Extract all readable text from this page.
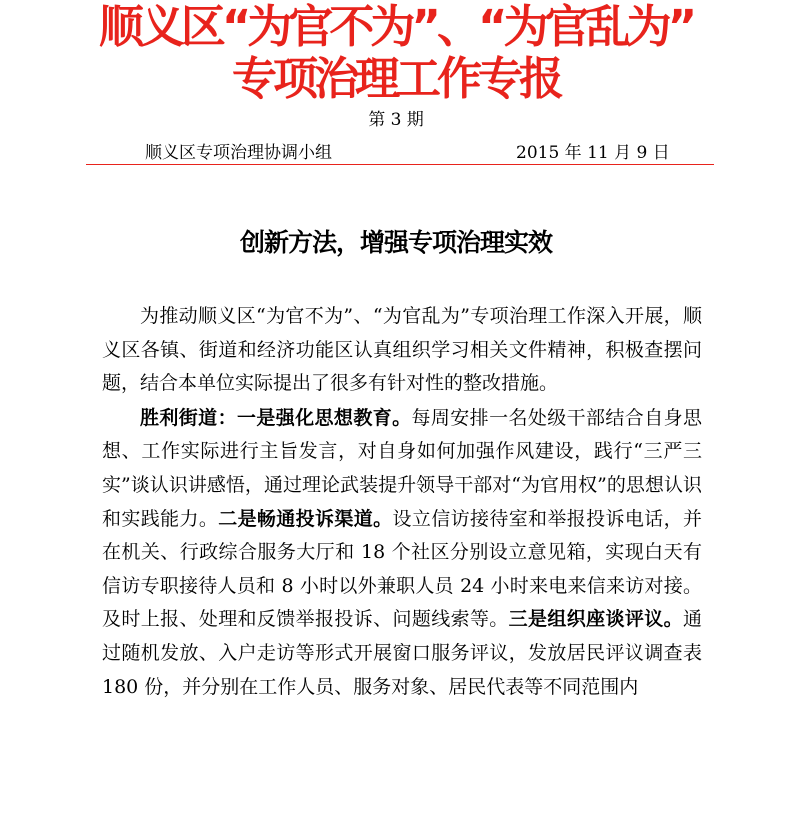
顺义区“为官不为”、“为官乱为”
专项治理工作专报
第 3 期
顺义区专项治理协调小组	2015 年 11 月 9 日
创新方法，增强专项治理实效

为推动顺义区“为官不为”、“为官乱为”专项治理工作深入开展，顺义区各镇、街道和经济功能区认真组织学习相关文件精神，积极查摆问题，结合本单位实际提出了很多有针对性的整改措施。

胜利街道：一是强化思想教育。每周安排一名处级干部结合自身思想、工作实际进行主旨发言，对自身如何加强作风建设，践行“三严三实”谈认识讲感悟，通过理论武装提升领导干部对“为官用权”的思想认识和实践能力。二是畅通投诉渠道。设立信访接待室和举报投诉电话，并在机关、行政综合服务大厅和 18 个社区分别设立意见箱，实现白天有信访专职接待人员和 8 小时以外兼职人员 24 小时来电来信来访对接。及时上报、处理和反馈举报投诉、问题线索等。三是组织座谈评议。通过随机发放、入户走访等形式开展窗口服务评议，发放居民评议调查表 180 份，并分别在工作人员、服务对象、居民代表等不同范围内
